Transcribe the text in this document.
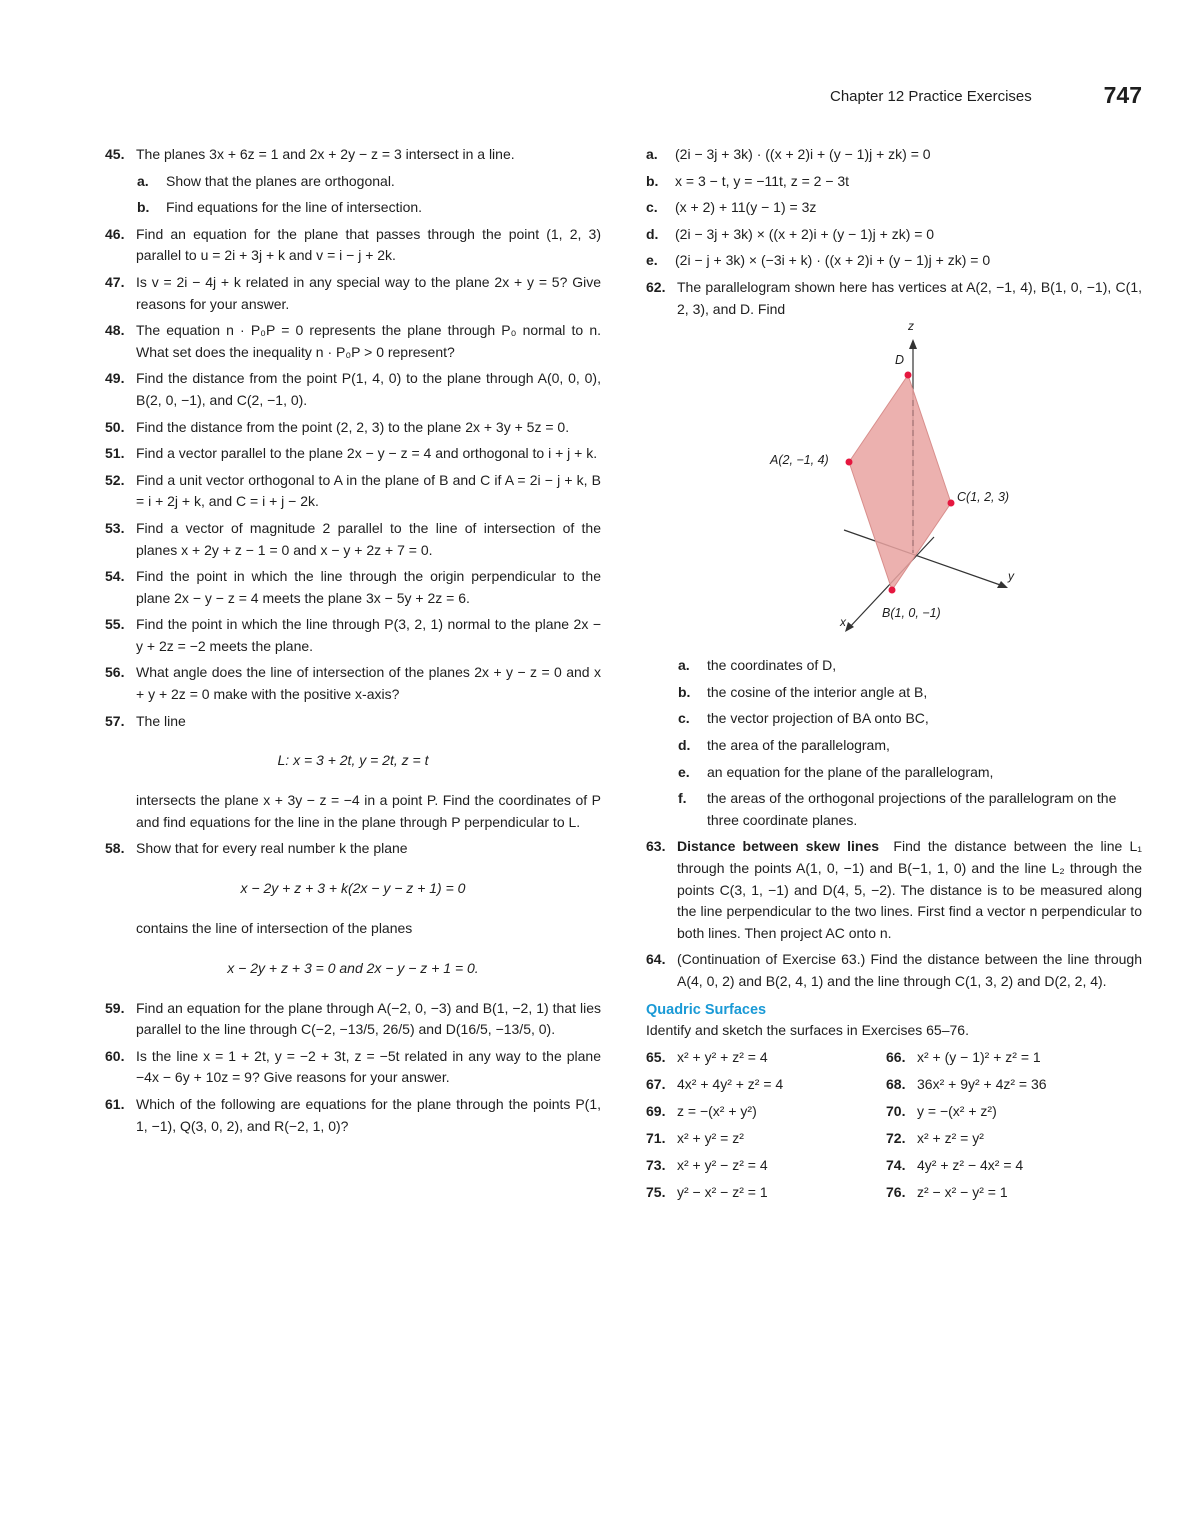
Chapter 12 Practice Exercises	747
45. The planes 3x + 6z = 1 and 2x + 2y − z = 3 intersect in a line.
a. Show that the planes are orthogonal.
b. Find equations for the line of intersection.
46. Find an equation for the plane that passes through the point (1, 2, 3) parallel to u = 2i + 3j + k and v = i − j + 2k.
47. Is v = 2i − 4j + k related in any special way to the plane 2x + y = 5? Give reasons for your answer.
48. The equation n · P₀P = 0 represents the plane through P₀ normal to n. What set does the inequality n · P₀P > 0 represent?
49. Find the distance from the point P(1, 4, 0) to the plane through A(0, 0, 0), B(2, 0, −1), and C(2, −1, 0).
50. Find the distance from the point (2, 2, 3) to the plane 2x + 3y + 5z = 0.
51. Find a vector parallel to the plane 2x − y − z = 4 and orthogonal to i + j + k.
52. Find a unit vector orthogonal to A in the plane of B and C if A = 2i − j + k, B = i + 2j + k, and C = i + j − 2k.
53. Find a vector of magnitude 2 parallel to the line of intersection of the planes x + 2y + z − 1 = 0 and x − y + 2z + 7 = 0.
54. Find the point in which the line through the origin perpendicular to the plane 2x − y − z = 4 meets the plane 3x − 5y + 2z = 6.
55. Find the point in which the line through P(3, 2, 1) normal to the plane 2x − y + 2z = −2 meets the plane.
56. What angle does the line of intersection of the planes 2x + y − z = 0 and x + y + 2z = 0 make with the positive x-axis?
57. The line
L: x = 3 + 2t, y = 2t, z = t
intersects the plane x + 3y − z = −4 in a point P. Find the coordinates of P and find equations for the line in the plane through P perpendicular to L.
58. Show that for every real number k the plane
x − 2y + z + 3 + k(2x − y − z + 1) = 0
contains the line of intersection of the planes
x − 2y + z + 3 = 0 and 2x − y − z + 1 = 0.
59. Find an equation for the plane through A(−2, 0, −3) and B(1, −2, 1) that lies parallel to the line through C(−2, −13/5, 26/5) and D(16/5, −13/5, 0).
60. Is the line x = 1 + 2t, y = −2 + 3t, z = −5t related in any way to the plane −4x − 6y + 10z = 9? Give reasons for your answer.
61. Which of the following are equations for the plane through the points P(1, 1, −1), Q(3, 0, 2), and R(−2, 1, 0)?
a. (2i − 3j + 3k) · ((x + 2)i + (y − 1)j + zk) = 0
b. x = 3 − t, y = −11t, z = 2 − 3t
c. (x + 2) + 11(y − 1) = 3z
d. (2i − 3j + 3k) × ((x + 2)i + (y − 1)j + zk) = 0
e. (2i − j + 3k) × (−3i + k) · ((x + 2)i + (y − 1)j + zk) = 0
62. The parallelogram shown here has vertices at A(2, −1, 4), B(1, 0, −1), C(1, 2, 3), and D. Find
A(2, −1, 4)
B(1, 0, −1)
C(1, 2, 3)
D
z
y
x
a. the coordinates of D,
b. the cosine of the interior angle at B,
c. the vector projection of BA onto BC,
d. the area of the parallelogram,
e. an equation for the plane of the parallelogram,
f. the areas of the orthogonal projections of the parallelogram on the three coordinate planes.
63. Distance between skew lines Find the distance between the line L₁ through the points A(1, 0, −1) and B(−1, 1, 0) and the line L₂ through the points C(3, 1, −1) and D(4, 5, −2). The distance is to be measured along the line perpendicular to the two lines. First find a vector n perpendicular to both lines. Then project AC onto n.
64. (Continuation of Exercise 63.) Find the distance between the line through A(4, 0, 2) and B(2, 4, 1) and the line through C(1, 3, 2) and D(2, 2, 4).
Quadric Surfaces
Identify and sketch the surfaces in Exercises 65–76.
65. x² + y² + z² = 4	66. x² + (y − 1)² + z² = 1
67. 4x² + 4y² + z² = 4	68. 36x² + 9y² + 4z² = 36
69. z = −(x² + y²)	70. y = −(x² + z²)
71. x² + y² = z²	72. x² + z² = y²
73. x² + y² − z² = 4	74. 4y² + z² − 4x² = 4
75. y² − x² − z² = 1	76. z² − x² − y² = 1
